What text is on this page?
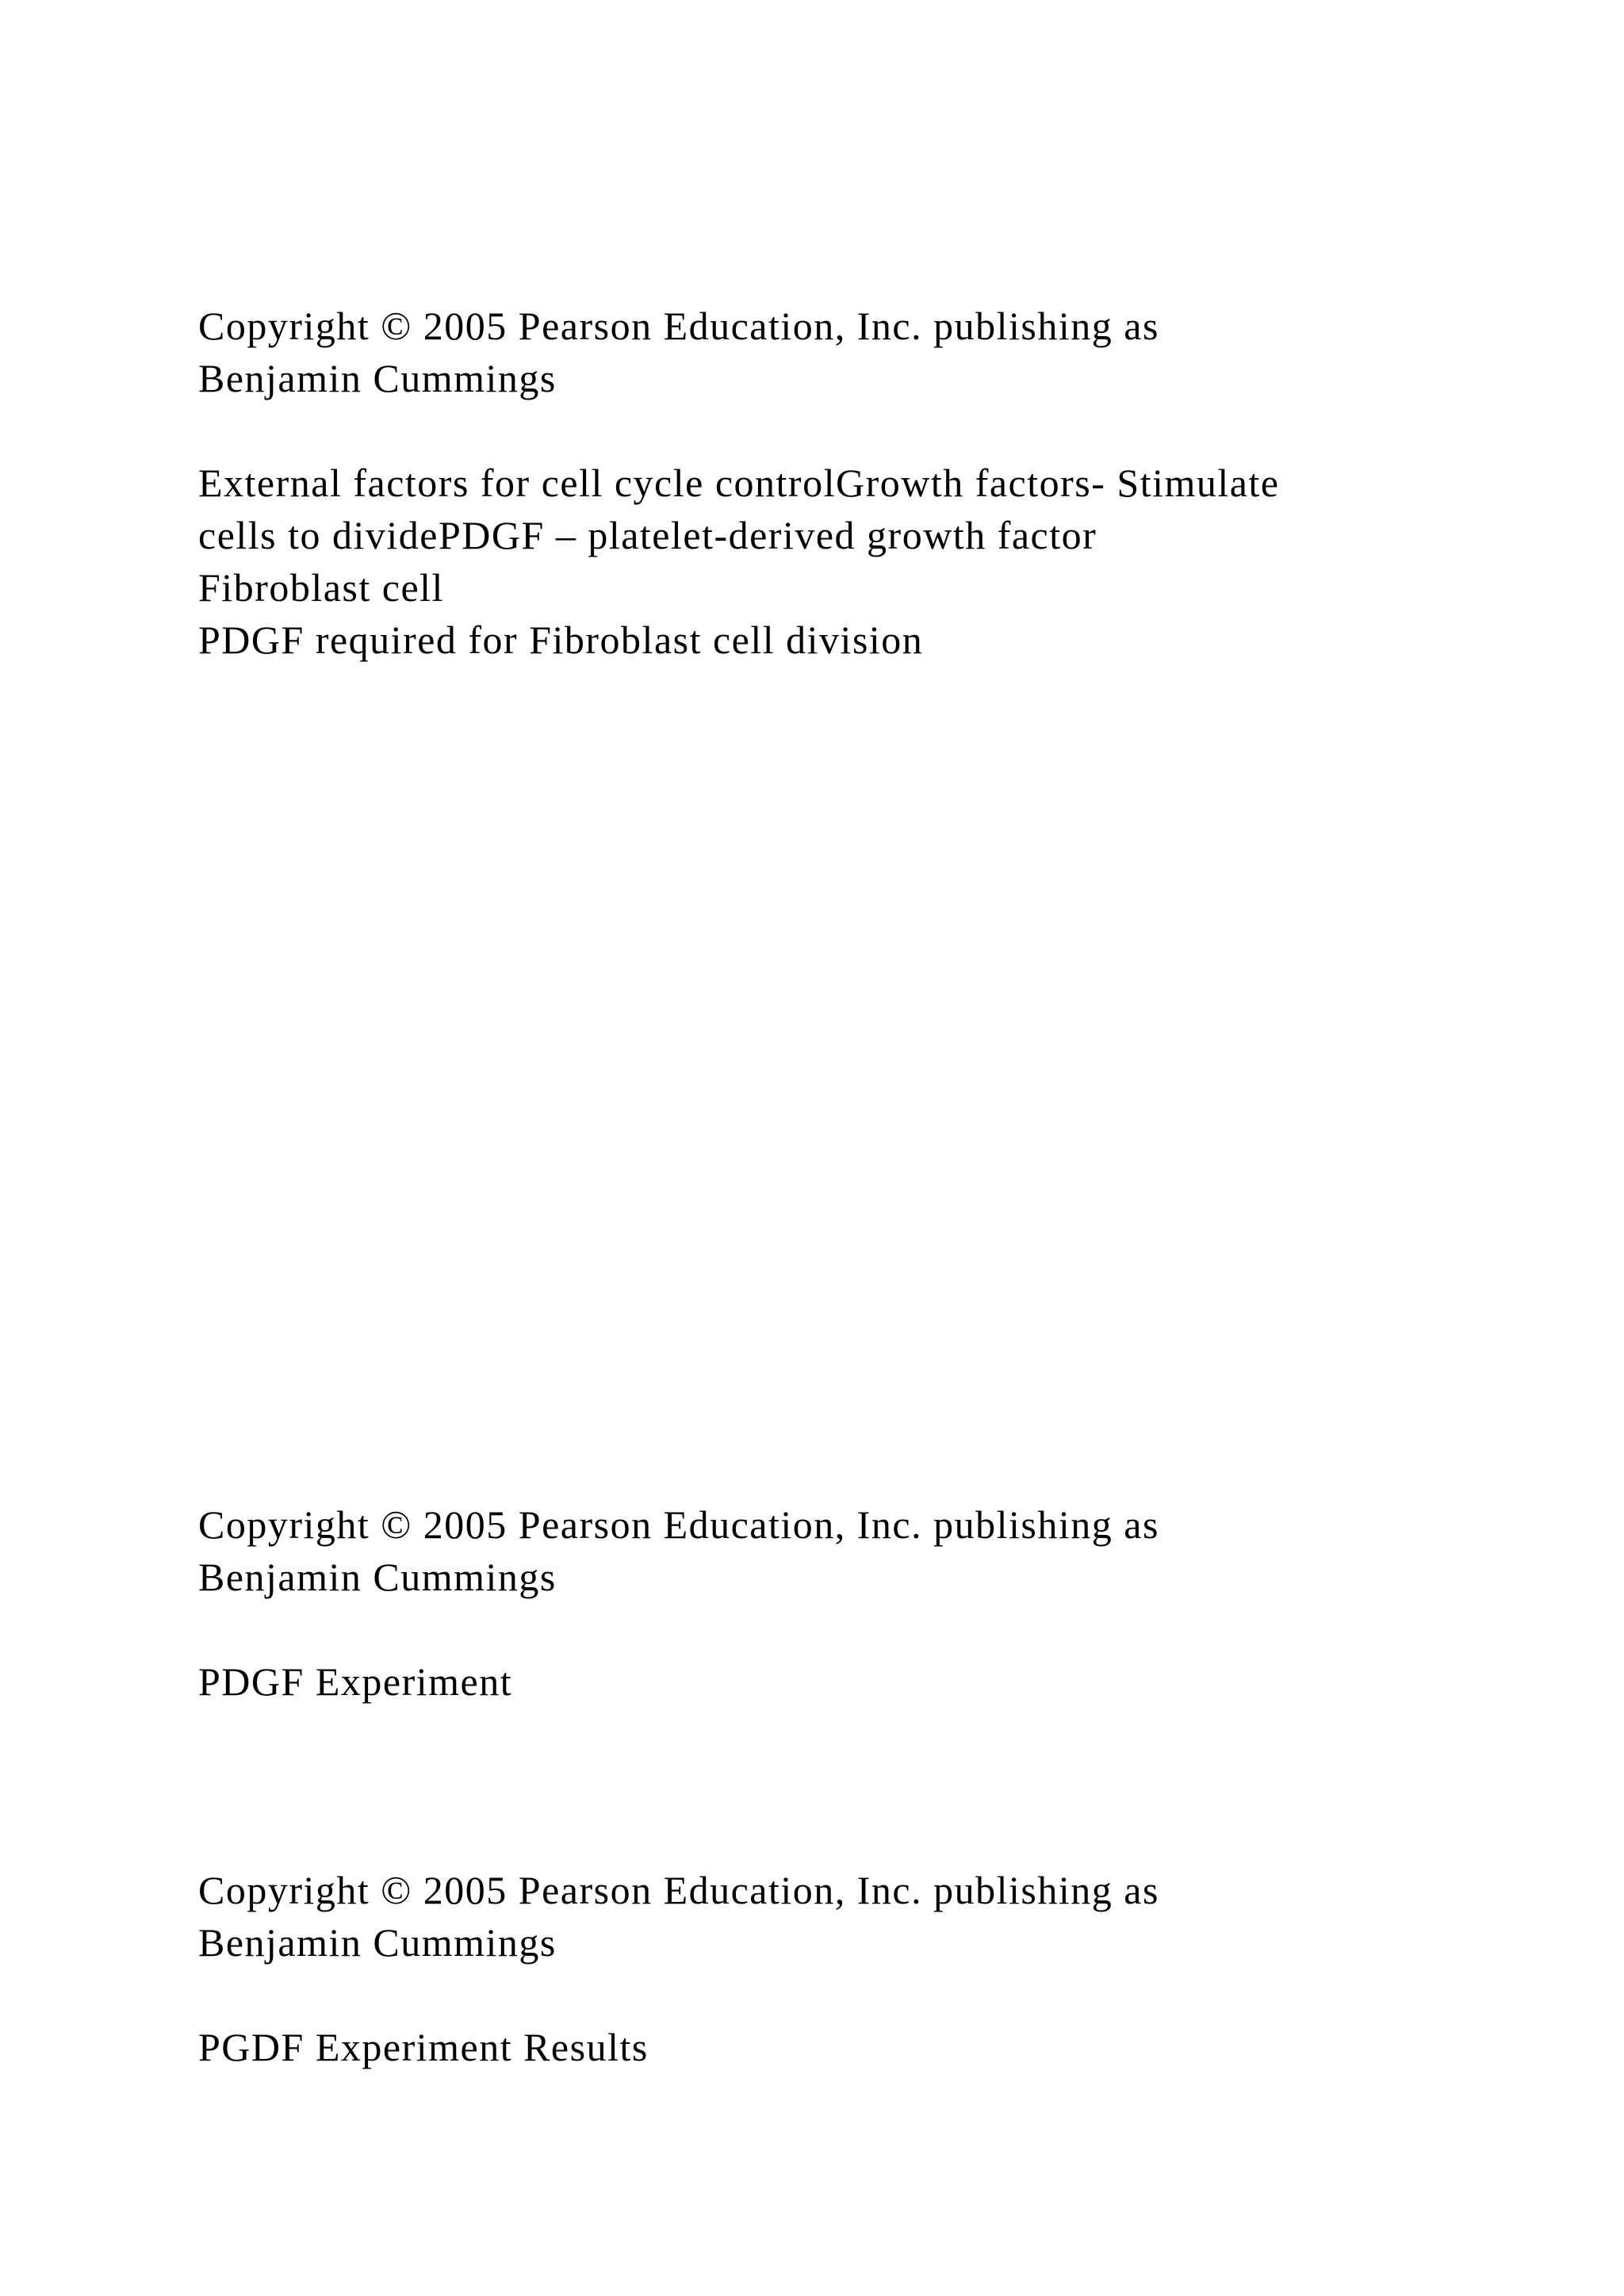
Copyright © 2005 Pearson Education, Inc. publishing as

Benjamin Cummings

External factors for cell cycle controlGrowth factors- Stimulate

cells to dividePDGF – platelet-derived growth factor

Fibroblast cell

PDGF required for Fibroblast cell division

Copyright © 2005 Pearson Education, Inc. publishing as

Benjamin Cummings

PDGF Experiment

Copyright © 2005 Pearson Education, Inc. publishing as

Benjamin Cummings

PGDF Experiment Results
